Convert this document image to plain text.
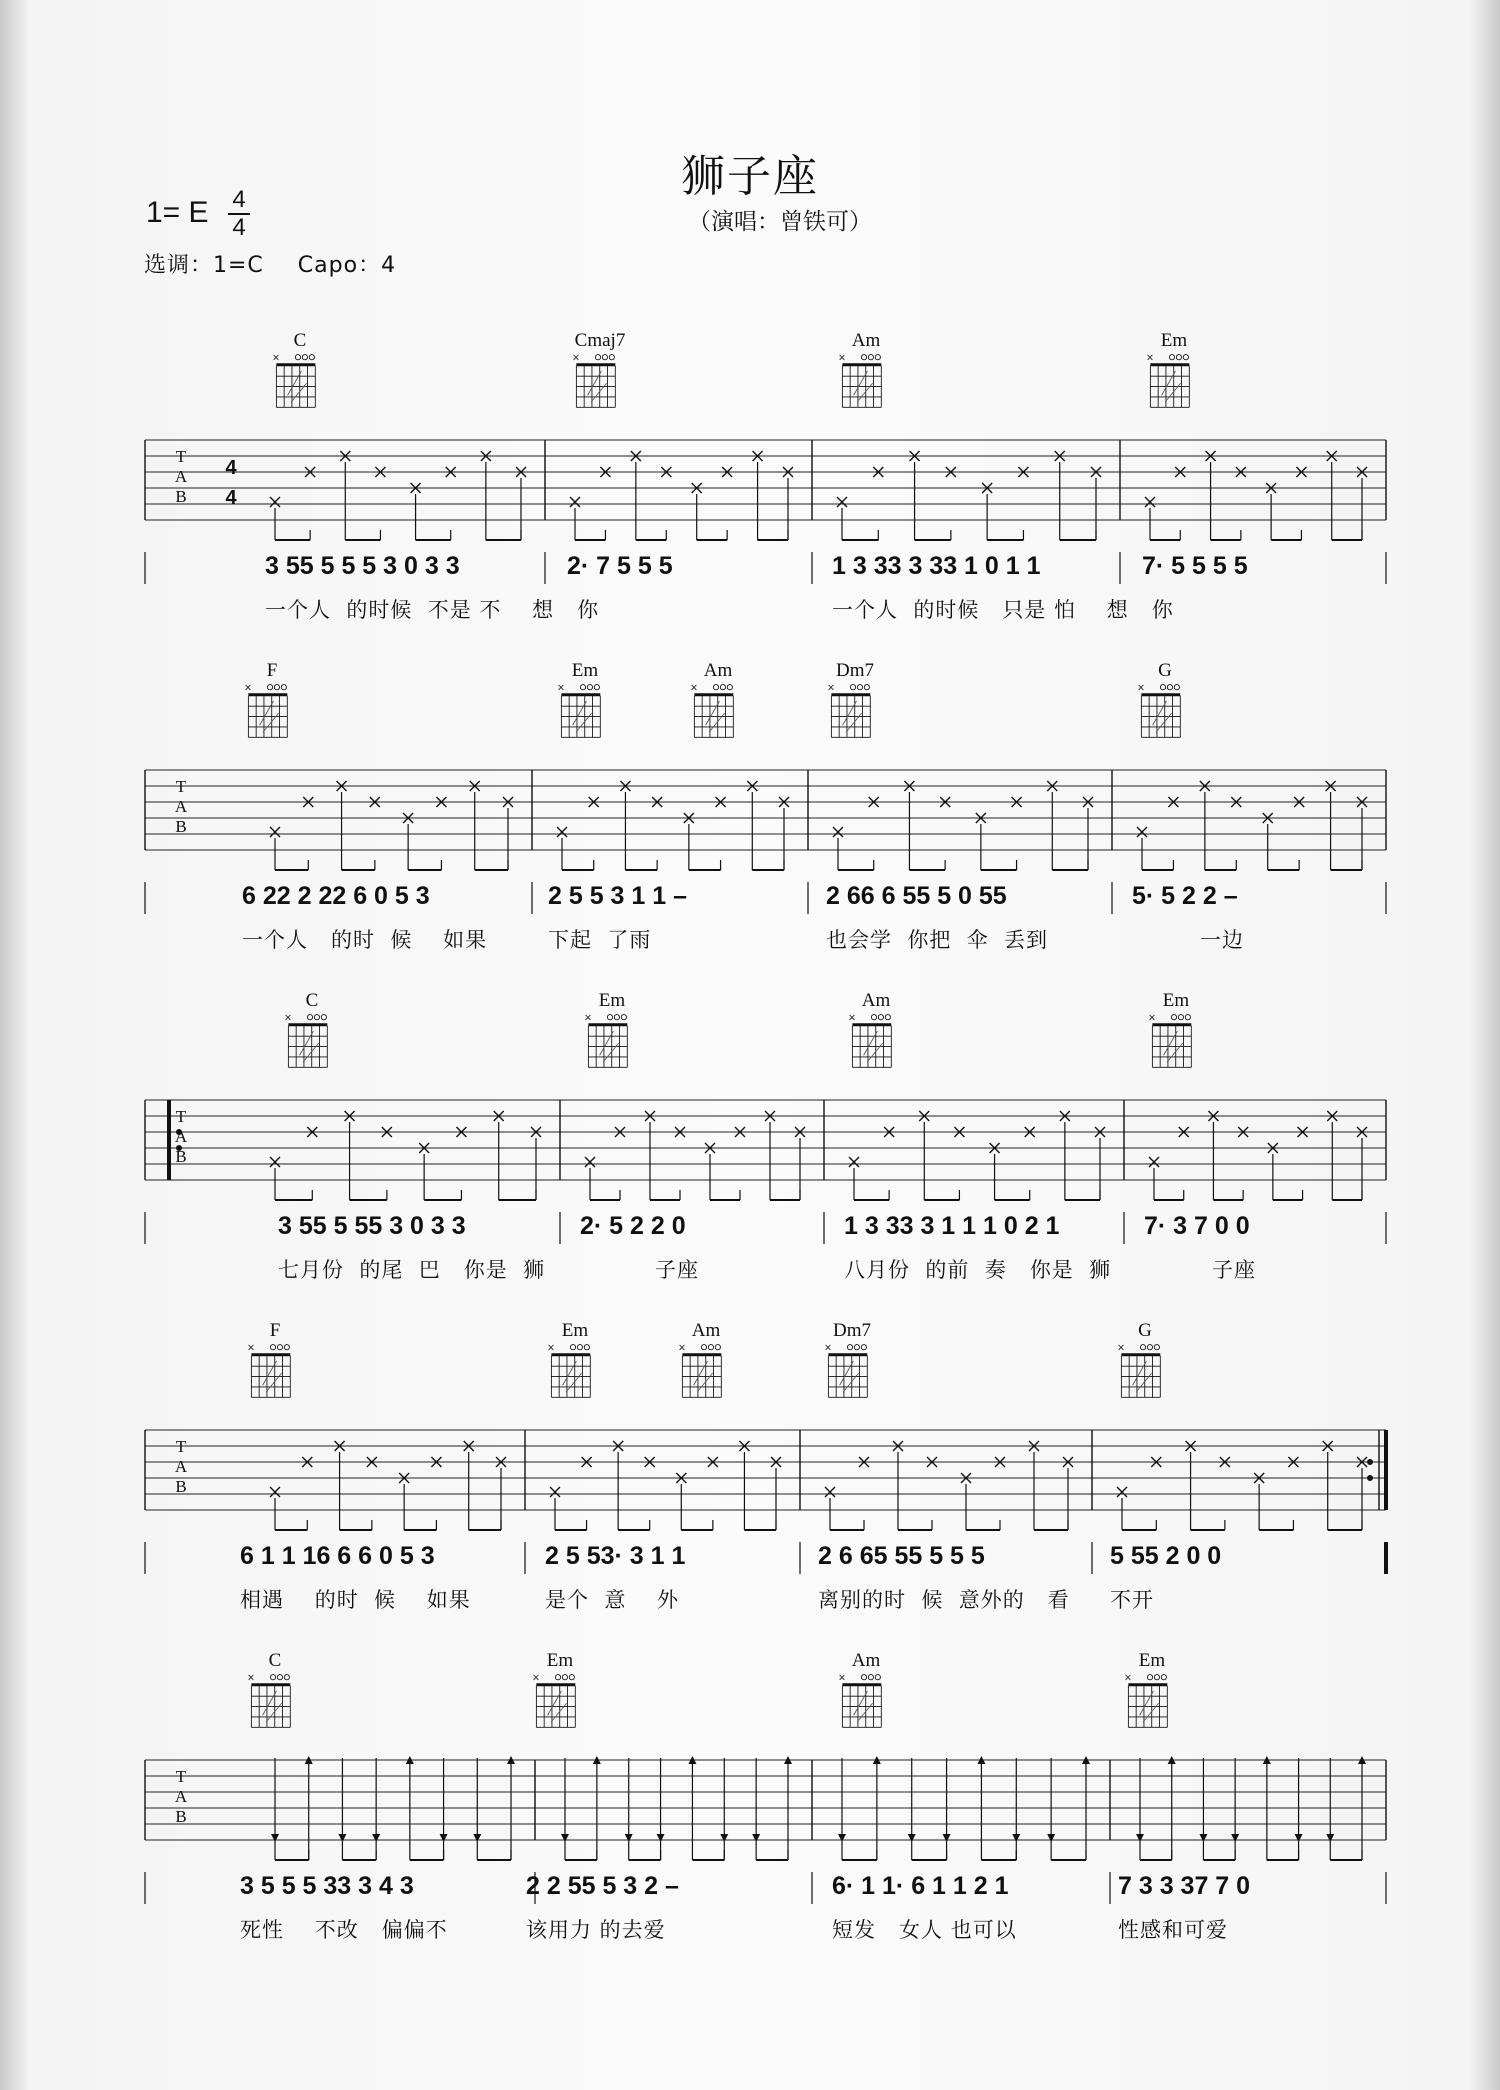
狮子座
（演唱：曾铁可）
1= E 4
4
选调：1=C Capo：4
C
×
Cmaj7
×
Am
×
Em
×
T
A
B
4
4
3 55 5 5 5 3 0 3 3	2· 7 5 5 5	1 3 33 3 33 1 0 1 1	7· 5 5 5 5
一个人  的时候  不是 不    想   你	一个人  的时候   只是 怕    想   你
F
×
Em
×
Am
×
Dm7
×
G
×
T
A
B
6 22 2 22 6 0 5 3	2 5 5 3 1 1 –	2 66 6 55 5 0 55	5· 5 2 2 –
一个人   的时  候    如果	下起  了雨	也会学  你把  伞  丢到	一边
C
×
Em
×
Am
×
Em
×
T
A
B
3 55 5 55 3 0 3 3	2· 5 2 2 0	1 3 33 3 1 1 1 0 2 1	7· 3 7 0 0
七月份  的尾  巴   你是  狮	子座	八月份  的前  奏   你是  狮	子座
F
×
Em
×
Am
×
Dm7
×
G
×
T
A
B
6 1 1 16 6 6 0 5 3	2 5 53· 3 1 1	2 6 65 55 5 5 5	5 55 2 0 0
相遇    的时  候    如果	是个  意    外	离别的时  候  意外的   看 不开
C
×
Em
×
Am
×
Em
×
T
A
B
3 5 5 5 33 3 4 3	2 2 55 5 3 2 –	6· 1 1· 6 1 1 2 1	7 3 3 37 7 0
死性    不改   偏偏不	该用力 的去爱	短发   女人 也可以	性感和可爱
